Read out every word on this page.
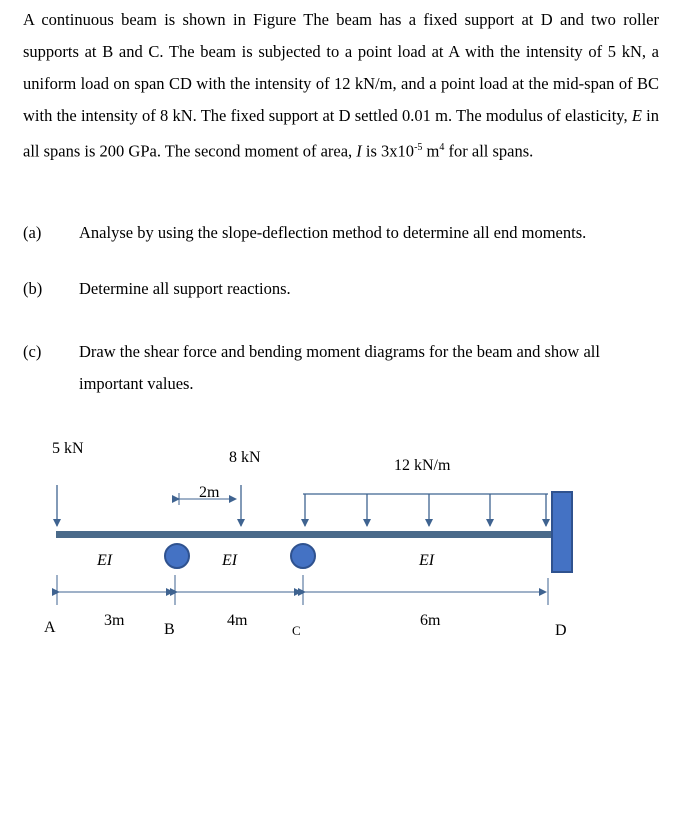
A continuous beam is shown in Figure The beam has a fixed support at D and two roller supports at B and C. The beam is subjected to a point load at A with the intensity of 5 kN, a uniform load on span CD with the intensity of 12 kN/m, and a point load at the mid-span of BC with the intensity of 8 kN. The fixed support at D settled 0.01 m. The modulus of elasticity, E in all spans is 200 GPa. The second moment of area, I is $3x10^{-5}$ $m^4$ for all spans.
(a) Analyse by using the slope-deflection method to determine all end moments.
(b) Determine all support reactions.
(c) Draw the shear force and bending moment diagrams for the beam and show all important values.
5 kN
8 kN
2m
12 kN/m
EI	EI	EI
3m	4m	6m
A	B	C	D
